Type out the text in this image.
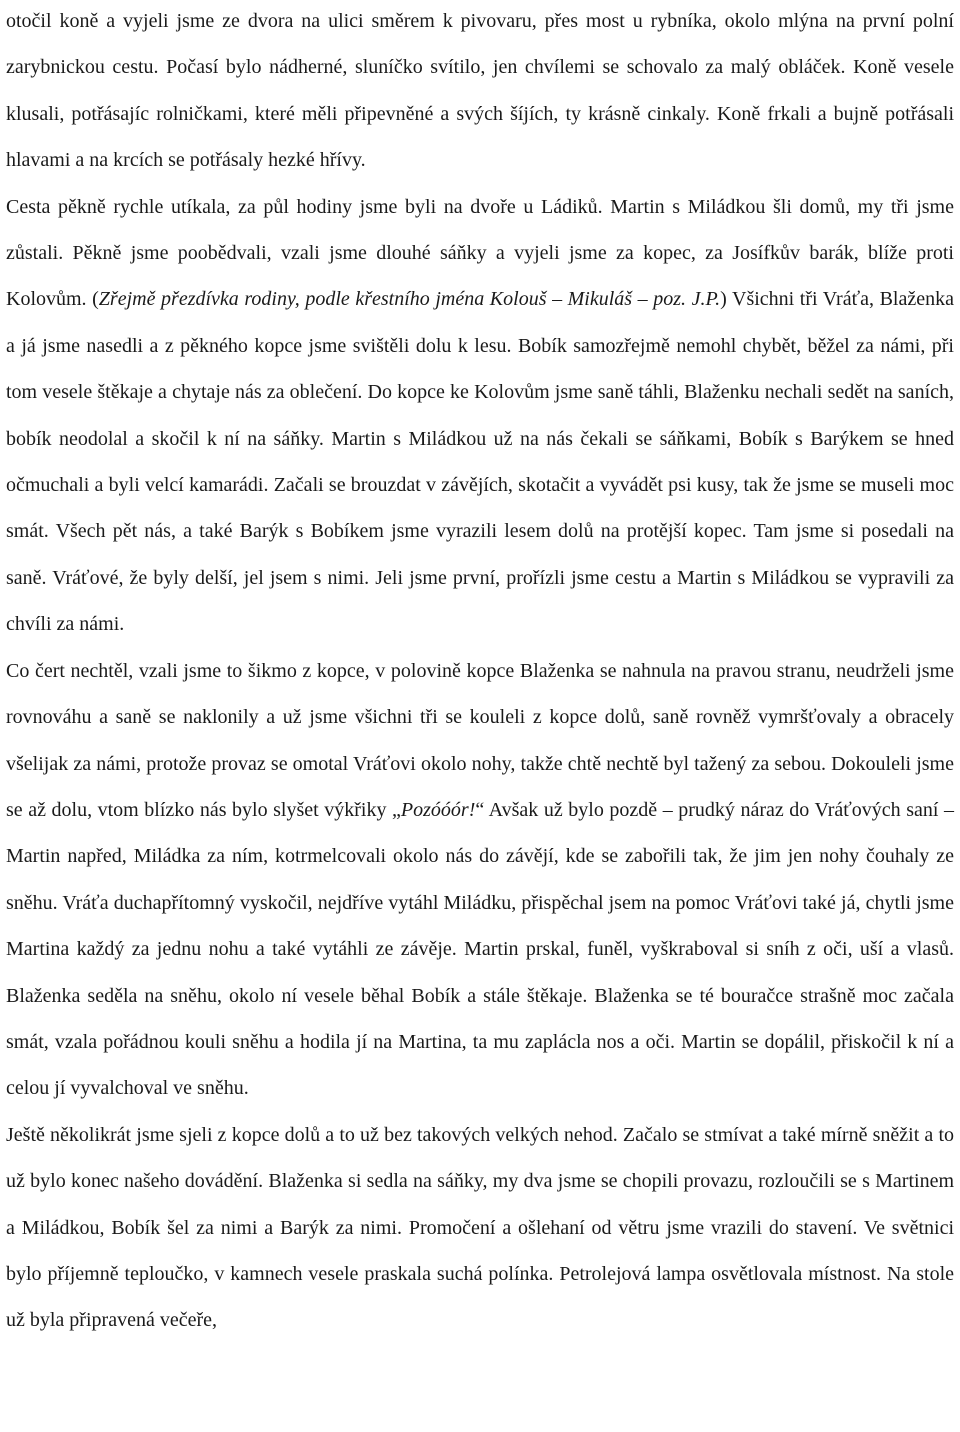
otočil koně a vyjeli jsme ze dvora na ulici směrem k pivovaru, přes most u rybníka, okolo mlýna na první polní zarybnickou cestu. Počasí bylo nádherné, sluníčko svítilo, jen chvílemi se schovalo za malý obláček. Koně vesele klusali, potřásajíc rolničkami, které měli připevněné a svých šíjích, ty krásně cinkaly. Koně frkali a bujně potřásali hlavami a na krcích se potřásaly hezké hřívy.

Cesta pěkně rychle utíkala, za půl hodiny jsme byli na dvoře u Ládiků. Martin s Miládkou šli domů, my tři jsme zůstali. Pěkně jsme poobědvali, vzali jsme dlouhé sáňky a vyjeli jsme za kopec, za Josífkův barák, blíže proti Kolovům. (Zřejmě přezdívka rodiny, podle křestního jména Kolouš – Mikuláš – poz. J.P.) Všichni tři Vráťa, Blaženka a já jsme nasedli a z pěkného kopce jsme svištěli dolu k lesu. Bobík samozřejmě nemohl chybět, běžel za námi, při tom vesele štěkaje a chytaje nás za oblečení. Do kopce ke Kolovům jsme saně táhli, Blaženku nechali sedět na saních, bobík neodolal a skočil k ní na sáňky. Martin s Miládkou už na nás čekali se sáňkami, Bobík s Barýkem se hned očmuchali a byli velcí kamarádi. Začali se brouzdat v závějích, skotačit a vyvádět psi kusy, tak že jsme se museli moc smát. Všech pět nás, a také Barýk s Bobíkem jsme vyrazili lesem dolů na protější kopec. Tam jsme si posedali na saně. Vráťové, že byly delší, jel jsem s nimi. Jeli jsme první, prořízli jsme cestu a Martin s Miládkou se vypravili za chvíli za námi.

Co čert nechtěl, vzali jsme to šikmo z kopce, v polovině kopce Blaženka se nahnula na pravou stranu, neudrželi jsme rovnováhu a saně se naklonily a už jsme všichni tři se kouleli z kopce dolů, saně rovněž vymršťovaly a obracely všelijak za námi, protože provaz se omotal Vráťovi okolo nohy, takže chtě nechtě byl tažený za sebou. Dokouleli jsme se až dolu, vtom blízko nás bylo slyšet výkřiky „Pozóóór!“ Avšak už bylo pozdě – prudký náraz do Vráťových saní – Martin napřed, Miládka za ním, kotrmelcovali okolo nás do závějí, kde se zabořili tak, že jim jen nohy čouhaly ze sněhu. Vráťa duchapřítomný vyskočil, nejdříve vytáhl Miládku, přispěchal jsem na pomoc Vráťovi také já, chytli jsme Martina každý za jednu nohu a také vytáhli ze závěje. Martin prskal, funěl, vyškraboval si sníh z oči, uší a vlasů. Blaženka seděla na sněhu, okolo ní vesele běhal Bobík a stále štěkaje. Blaženka se té bouračce strašně moc začala smát, vzala pořádnou kouli sněhu a hodila jí na Martina, ta mu zaplácla nos a oči. Martin se dopálil, přiskočil k ní a celou jí vyvalchoval ve sněhu.

Ještě několikrát jsme sjeli z kopce dolů a to už bez takových velkých nehod. Začalo se stmívat a také mírně sněžit a to už bylo konec našeho dovádění. Blaženka si sedla na sáňky, my dva jsme se chopili provazu, rozloučili se s Martinem a Miládkou, Bobík šel za nimi a Barýk za nimi. Promočení a ošlehaní od větru jsme vrazili do stavení. Ve světnici bylo příjemně teploučko, v kamnech vesele praskala suchá polínka. Petrolejová lampa osvětlovala místnost. Na stole už byla připravená večeře,
